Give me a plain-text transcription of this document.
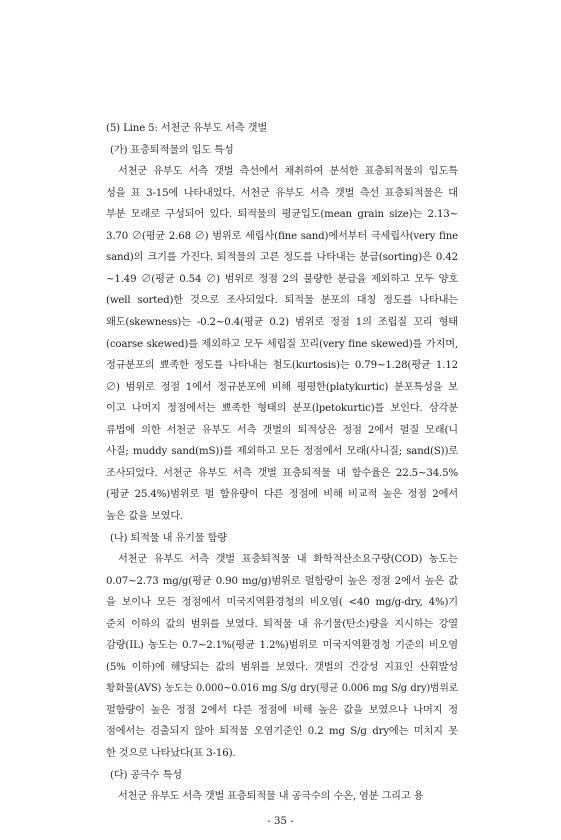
(5) Line 5: 서천군 유부도 서측 갯벌
(가) 표층퇴적물의 입도 특성
서천군 유부도 서측 갯벌 측선에서 채취하여 분석한 표층퇴적물의 입도특
성을 표 3-15에 나타내었다. 서천군 유부도 서측 갯벌 측선 표층퇴적물은 대
부분 모래로 구성되어 있다. 퇴적물의 평균입도(mean grain size)는 2.13~
3.70 ∅(평균 2.68 ∅) 범위로 세립사(fine sand)에서부터 극세립사(very fine
sand)의 크기를 가진다. 퇴적물의 고른 정도를 나타내는 분급(sorting)은 0.42
~1.49 ∅(평균 0.54 ∅) 범위로 정점 2의 불량한 분급을 제외하고 모두 양호
(well sorted)한 것으로 조사되었다. 퇴적물 분포의 대칭 정도를 나타내는
왜도(skewness)는 -0.2~0.4(평균 0.2) 범위로 정점 1의 조립질 꼬리 형태
(coarse skewed)를 제외하고 모두 세립질 꼬리(very fine skewed)를 가지며,
정규분포의 뾰족한 정도를 나타내는 첨도(kurtosis)는 0.79~1.28(평균 1.12
∅) 범위로 정점 1에서 정규분포에 비해 평평한(platykurtic) 분포특성을 보
이고 나머지 정점에서는 뾰족한 형태의 분포(lpetokurtic)를 보인다. 삼각분
류법에 의한 서천군 유부도 서측 갯벌의 퇴적상은 정점 2에서 펄질 모래(니
사질; muddy sand(mS))를 제외하고 모든 정점에서 모래(사니질; sand(S))로
조사되었다. 서천군 유부도 서측 갯벌 표층퇴적물 내 함수율은 22.5~34.5%
(평균 25.4%)범위로 펄 함유량이 다른 정점에 비해 비교적 높은 정점 2에서
높은 값을 보였다.
(나) 퇴적물 내 유기물 함량
서천군 유부도 서측 갯벌 표층퇴적물 내 화학적산소요구량(COD) 농도는
0.07~2.73 mg/g(평균 0.90 mg/g)범위로 펄함량이 높은 정점 2에서 높은 값
을 보이나 모든 정점에서 미국지역환경청의 비오염( <40 mg/g-dry, 4%)기
준치 이하의 값의 범위를 보였다. 퇴적물 내 유기물(탄소)량을 지시하는 강열
감량(IL) 농도는 0.7~2.1%(평균 1.2%)범위로 미국지역환경청 기준의 비오염
(5% 이하)에 해당되는 값의 범위를 보였다. 갯벌의 건강성 지표인 산휘발성
황화물(AVS) 농도는 0.000~0.016 mg S/g dry(평균 0.006 mg S/g dry)범위로
펄함량이 높은 정점 2에서 다른 정점에 비해 높은 값을 보였으나 나머지 정
점에서는 검출되지 않아 퇴적물 오염기준인 0.2 mg S/g dry에는 미치지 못
한 것으로 나타났다(표 3-16).
(다) 공극수 특성
서천군 유부도 서측 갯벌 표층퇴적물 내 공극수의 수온, 염분 그리고 용
- 35 -
